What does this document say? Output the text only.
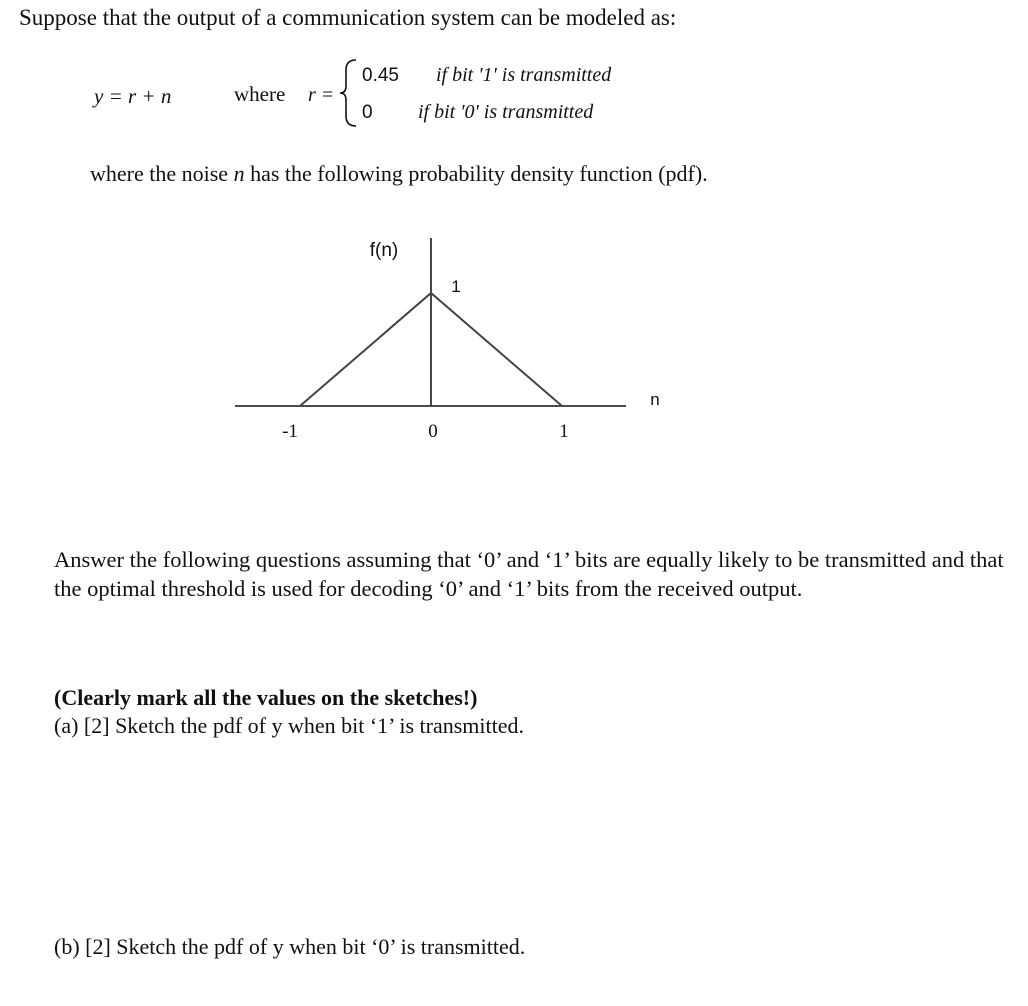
Suppose that the output of a communication system can be modeled as:
y = r + n	where r =
0.45 if bit '1' is transmitted
0 if bit '0' is transmitted
where the noise n has the following probability density function (pdf).
f(n)
1
n
-1	0	1
Answer the following questions assuming that ‘0’ and ‘1’ bits are equally likely to be transmitted and that the optimal threshold is used for decoding ‘0’ and ‘1’ bits from the received output.
(Clearly mark all the values on the sketches!)
(a) [2] Sketch the pdf of y when bit ‘1’ is transmitted.
(b) [2] Sketch the pdf of y when bit ‘0’ is transmitted.
